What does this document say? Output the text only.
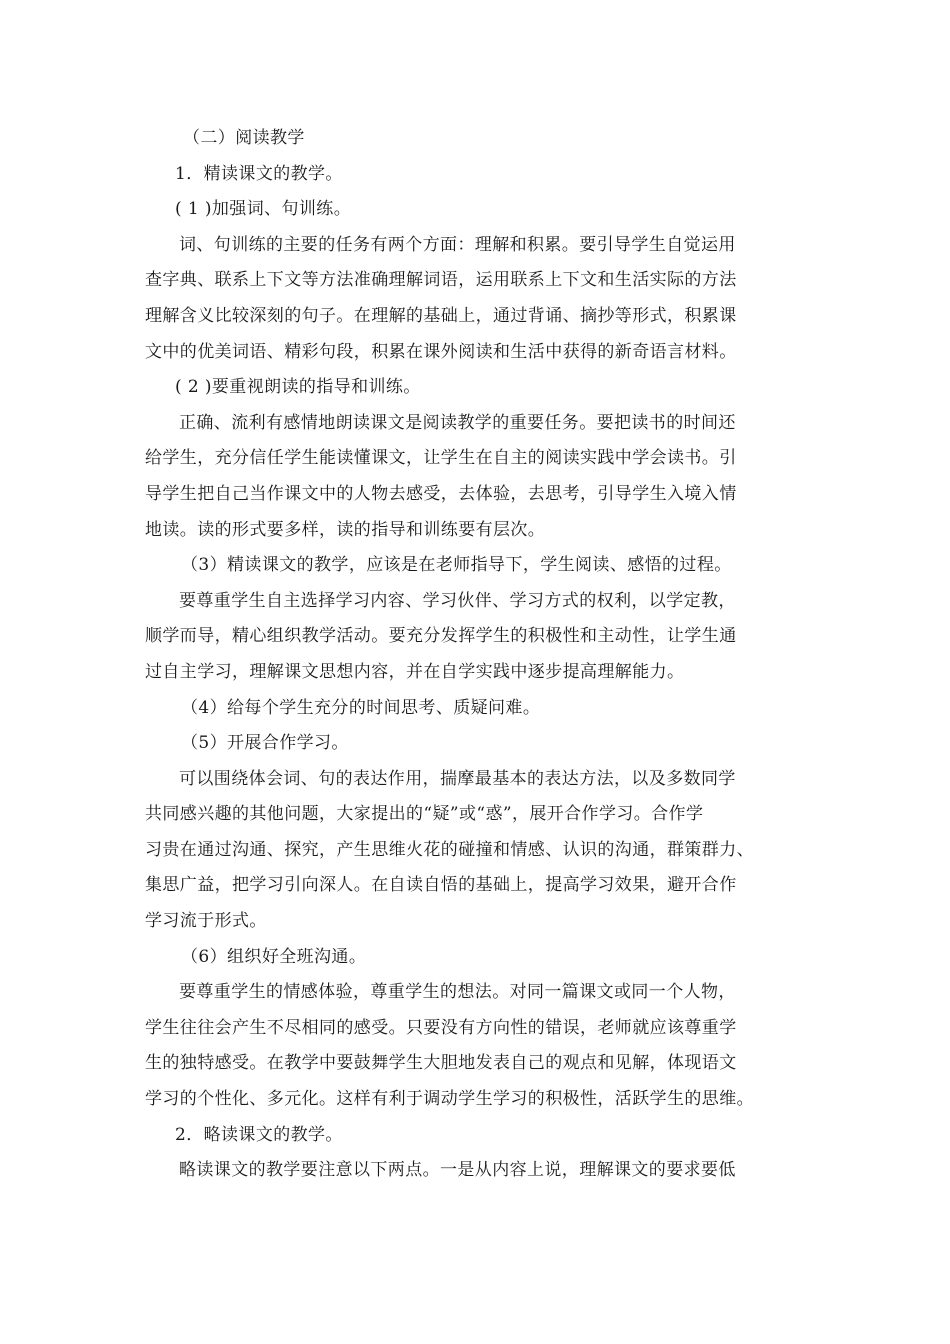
（二）阅读教学
1．精读课文的教学。
( 1 )加强词、句训练。
词、句训练的主要的任务有两个方面：理解和积累。要引导学生自觉运用
查字典、联系上下文等方法准确理解词语，运用联系上下文和生活实际的方法
理解含义比较深刻的句子。在理解的基础上，通过背诵、摘抄等形式，积累课
文中的优美词语、精彩句段，积累在课外阅读和生活中获得的新奇语言材料。
( 2 )要重视朗读的指导和训练。
正确、流利有感情地朗读课文是阅读教学的重要任务。要把读书的时间还
给学生，充分信任学生能读懂课文，让学生在自主的阅读实践中学会读书。引
导学生把自己当作课文中的人物去感受，去体验，去思考，引导学生入境入情
地读。读的形式要多样，读的指导和训练要有层次。
（3）精读课文的教学，应该是在老师指导下，学生阅读、感悟的过程。
要尊重学生自主选择学习内容、学习伙伴、学习方式的权利，以学定教，
顺学而导，精心组织教学活动。要充分发挥学生的积极性和主动性，让学生通
过自主学习，理解课文思想内容，并在自学实践中逐步提高理解能力。
（4）给每个学生充分的时间思考、质疑问难。
（5）开展合作学习。
可以围绕体会词、句的表达作用，揣摩最基本的表达方法，以及多数同学
共同感兴趣的其他问题，大家提出的“疑”或“惑”，展开合作学习。合作学
习贵在通过沟通、探究，产生思维火花的碰撞和情感、认识的沟通，群策群力、
集思广益，把学习引向深人。在自读自悟的基础上，提高学习效果，避开合作
学习流于形式。
（6）组织好全班沟通。
要尊重学生的情感体验，尊重学生的想法。对同一篇课文或同一个人物，
学生往往会产生不尽相同的感受。只要没有方向性的错误，老师就应该尊重学
生的独特感受。在教学中要鼓舞学生大胆地发表自己的观点和见解，体现语文
学习的个性化、多元化。这样有利于调动学生学习的积极性，活跃学生的思维。
2．略读课文的教学。
略读课文的教学要注意以下两点。一是从内容上说，理解课文的要求要低
